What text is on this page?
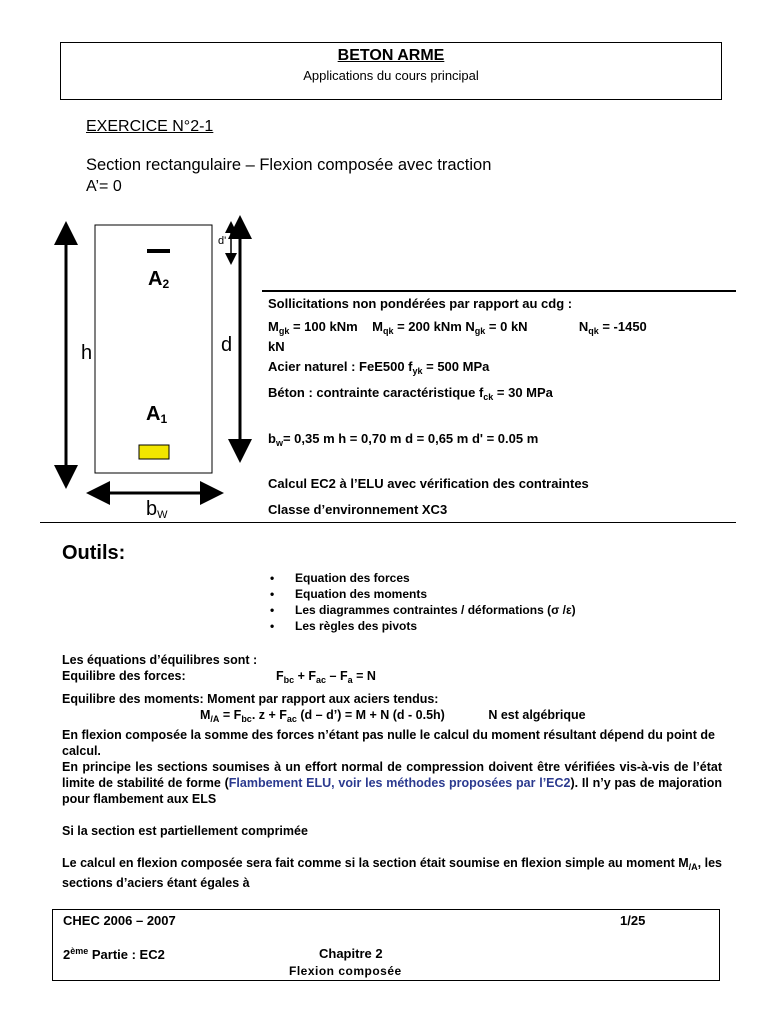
BETON ARME
Applications du cours principal
EXERCICE N°2-1
Section rectangulaire – Flexion composée avec traction
A’= 0
d'
$A_2$
h	d
$A_1$
$b_W$
Sollicitations non pondérées par rapport au cdg :
$M_{gk} = 100$ kNm $M_{qk} = 200$ kNm $N_{gk} = 0$ kN	$N_{qk} = -1450$
kN
Acier naturel : FeE500 $f_{yk} = 500$ MPa
Béton : contrainte caractéristique $f_{ck} = 30$ MPa
$b_w= 0,35$ m h = 0,70 m d = 0,65 m d' = 0.05 m
Calcul EC2 à l’ELU avec vérification des contraintes
Classe d’environnement XC3
Outils:
• Equation des forces
• Equation des moments
• Les diagrammes contraintes / déformations (σ /ε)
• Les règles des pivots
Les équations d’équilibres sont :
Equilibre des forces:	$F_{bc} + F_{ac} - F_a = N$
Equilibre des moments: Moment par rapport aux aciers tendus:
$M_{/A} = F_{bc}$. $z + F_{ac}$ (d – d’) = M + N (d - 0.5h)	N est algébrique
En flexion composée la somme des forces n’étant pas nulle le calcul du moment résultant dépend du point de calcul.
En principe les sections soumises à un effort normal de compression doivent être vérifiées vis-à-vis de l’état limite de stabilité de forme (Flambement ELU, voir les méthodes proposées par l’EC2). Il n’y pas de majoration pour flambement aux ELS
Si la section est partiellement comprimée
Le calcul en flexion composée sera fait comme si la section était soumise en flexion simple au moment $M_{/A}$, les sections d’aciers étant égales à
CHEC 2006 – 2007	1/25
2ème Partie : EC2	Chapitre 2
Flexion composée
